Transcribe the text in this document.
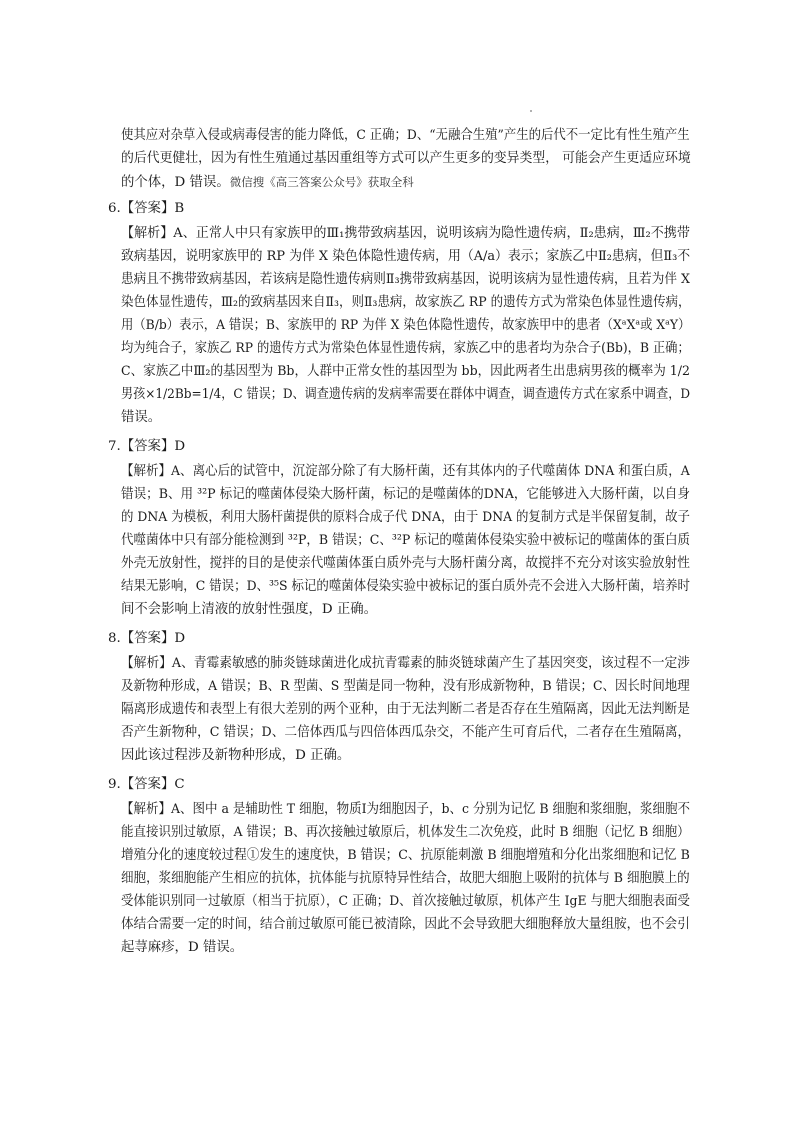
使其应对杂草入侵或病毒侵害的能力降低，C 正确；D、“无融合生殖”产生的后代不一定比有性生殖产生
的后代更健壮，因为有性生殖通过基因重组等方式可以产生更多的变异类型， 可能会产生更适应环境
的个体，D 错误。微信搜《高三答案公众号》获取全科
6.【答案】B
【解析】A、正常人中只有家族甲的Ⅲ₁携带致病基因，说明该病为隐性遗传病，Ⅱ₂患病，Ⅲ₂不携带
致病基因，说明家族甲的 RP 为伴 X 染色体隐性遗传病，用（A/a）表示；家族乙中Ⅱ₂患病，但Ⅱ₃不
患病且不携带致病基因，若该病是隐性遗传病则Ⅱ₃携带致病基因，说明该病为显性遗传病，且若为伴 X
染色体显性遗传，Ⅲ₂的致病基因来自Ⅱ₃，则Ⅱ₃患病，故家族乙 RP 的遗传方式为常染色体显性遗传病，
用（B/b）表示，A 错误；B、家族甲的 RP 为伴 X 染色体隐性遗传，故家族甲中的患者（XᵃXᵃ或 XᵃY）
均为纯合子，家族乙 RP 的遗传方式为常染色体显性遗传病，家族乙中的患者均为杂合子(Bb)，B 正确；
C、家族乙中Ⅲ₂的基因型为 Bb，人群中正常女性的基因型为 bb，因此两者生出患病男孩的概率为 1/2
男孩×1/2Bb=1/4，C 错误；D、调查遗传病的发病率需要在群体中调查，调查遗传方式在家系中调查，D
错误。
7.【答案】D
【解析】A、离心后的试管中，沉淀部分除了有大肠杆菌，还有其体内的子代噬菌体 DNA 和蛋白质，A
错误；B、用 ³²P 标记的噬菌体侵染大肠杆菌，标记的是噬菌体的DNA，它能够进入大肠杆菌，以自身
的 DNA 为模板，利用大肠杆菌提供的原料合成子代 DNA，由于 DNA 的复制方式是半保留复制，故子
代噬菌体中只有部分能检测到 ³²P，B 错误；C、³²P 标记的噬菌体侵染实验中被标记的噬菌体的蛋白质
外壳无放射性，搅拌的目的是使亲代噬菌体蛋白质外壳与大肠杆菌分离，故搅拌不充分对该实验放射性
结果无影响，C 错误；D、³⁵S 标记的噬菌体侵染实验中被标记的蛋白质外壳不会进入大肠杆菌，培养时
间不会影响上清液的放射性强度，D 正确。
8.【答案】D
【解析】A、青霉素敏感的肺炎链球菌进化成抗青霉素的肺炎链球菌产生了基因突变，该过程不一定涉
及新物种形成，A 错误；B、R 型菌、S 型菌是同一物种，没有形成新物种，B 错误；C、因长时间地理
隔离形成遗传和表型上有很大差别的两个亚种，由于无法判断二者是否存在生殖隔离，因此无法判断是
否产生新物种，C 错误；D、二倍体西瓜与四倍体西瓜杂交，不能产生可育后代，二者存在生殖隔离，
因此该过程涉及新物种形成，D 正确。
9.【答案】C
【解析】A、图中 a 是辅助性 T 细胞，物质Ⅰ为细胞因子，b、c 分别为记忆 B 细胞和浆细胞，浆细胞不
能直接识别过敏原，A 错误；B、再次接触过敏原后，机体发生二次免疫，此时 B 细胞（记忆 B 细胞）
增殖分化的速度较过程①发生的速度快，B 错误；C、抗原能刺激 B 细胞增殖和分化出浆细胞和记忆 B
细胞，浆细胞能产生相应的抗体，抗体能与抗原特异性结合，故肥大细胞上吸附的抗体与 B 细胞膜上的
受体能识别同一过敏原（相当于抗原），C 正确；D、首次接触过敏原，机体产生 IgE 与肥大细胞表面受
体结合需要一定的时间，结合前过敏原可能已被清除，因此不会导致肥大细胞释放大量组胺，也不会引
起荨麻疹，D 错误。
